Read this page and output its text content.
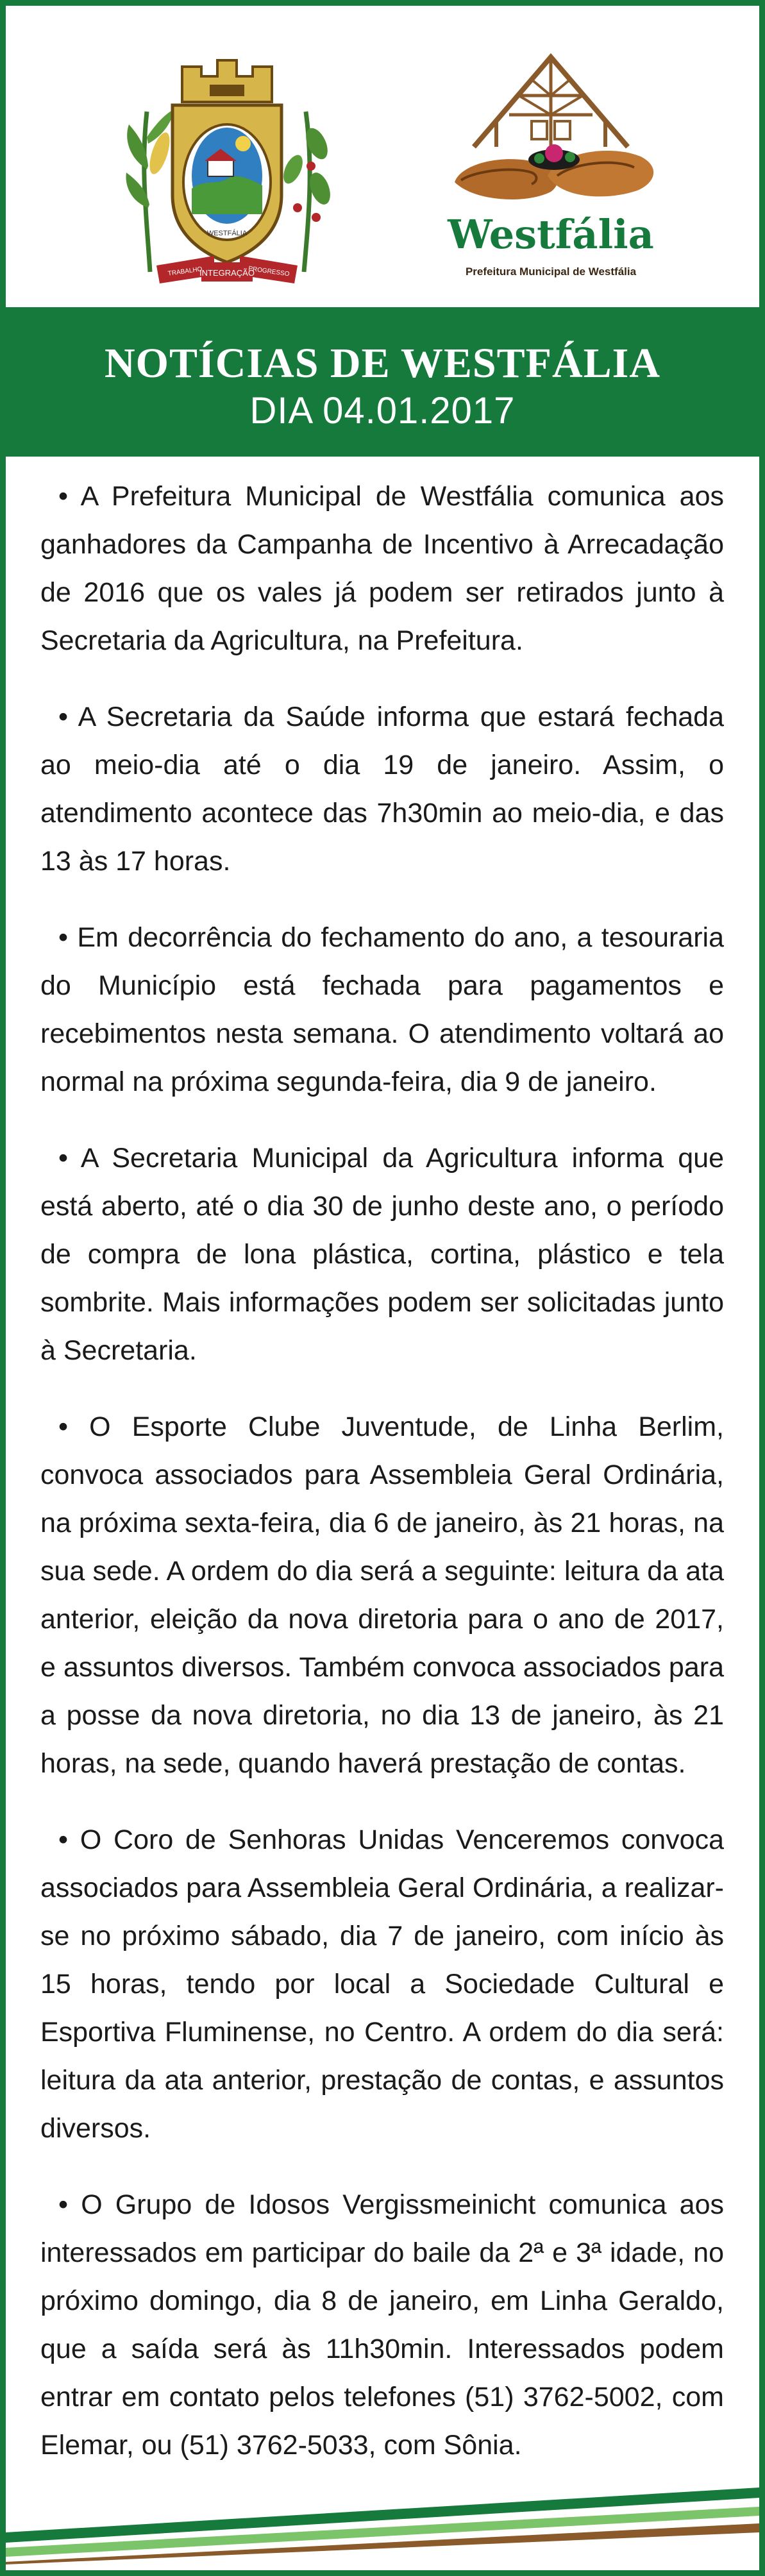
INTEGRAÇÃO
TRABALHO	PROGRESSO
WESTFÁLIA	Westfália
Prefeitura Municipal de Westfália
NOTÍCIAS DE WESTFÁLIA
DIA 04.01.2017

• A Prefeitura Municipal de Westfália comunica aos ganhadores da Campanha de Incentivo à Arrecadação de 2016 que os vales já podem ser retirados junto à Secretaria da Agricultura, na Prefeitura.

• A Secretaria da Saúde informa que estará fechada ao meio-dia até o dia 19 de janeiro. Assim, o atendimento acontece das 7h30min ao meio-dia, e das 13 às 17 horas.

• Em decorrência do fechamento do ano, a tesouraria do Município está fechada para pagamentos e recebimentos nesta semana. O atendimento voltará ao normal na próxima segunda-feira, dia 9 de janeiro.

• A Secretaria Municipal da Agricultura informa que está aberto, até o dia 30 de junho deste ano, o período de compra de lona plástica, cortina, plástico e tela sombrite. Mais informações podem ser solicitadas junto à Secretaria.

• O Esporte Clube Juventude, de Linha Berlim, convoca associados para Assembleia Geral Ordinária, na próxima sexta-feira, dia 6 de janeiro, às 21 horas, na sua sede. A ordem do dia será a seguinte: leitura da ata anterior, eleição da nova diretoria para o ano de 2017, e assuntos diversos. Também convoca associados para a posse da nova diretoria, no dia 13 de janeiro, às 21 horas, na sede, quando haverá prestação de contas.

• O Coro de Senhoras Unidas Venceremos convoca associados para Assembleia Geral Ordinária, a realizar-se no próximo sábado, dia 7 de janeiro, com início às 15 horas, tendo por local a Sociedade Cultural e Esportiva Fluminense, no Centro. A ordem do dia será: leitura da ata anterior, prestação de contas, e assuntos diversos.

• O Grupo de Idosos Vergissmeinicht comunica aos interessados em participar do baile da 2ª e 3ª idade, no próximo domingo, dia 8 de janeiro, em Linha Geraldo, que a saída será às 11h30min. Interessados podem entrar em contato pelos telefones (51) 3762-5002, com Elemar, ou (51) 3762-5033, com Sônia.
